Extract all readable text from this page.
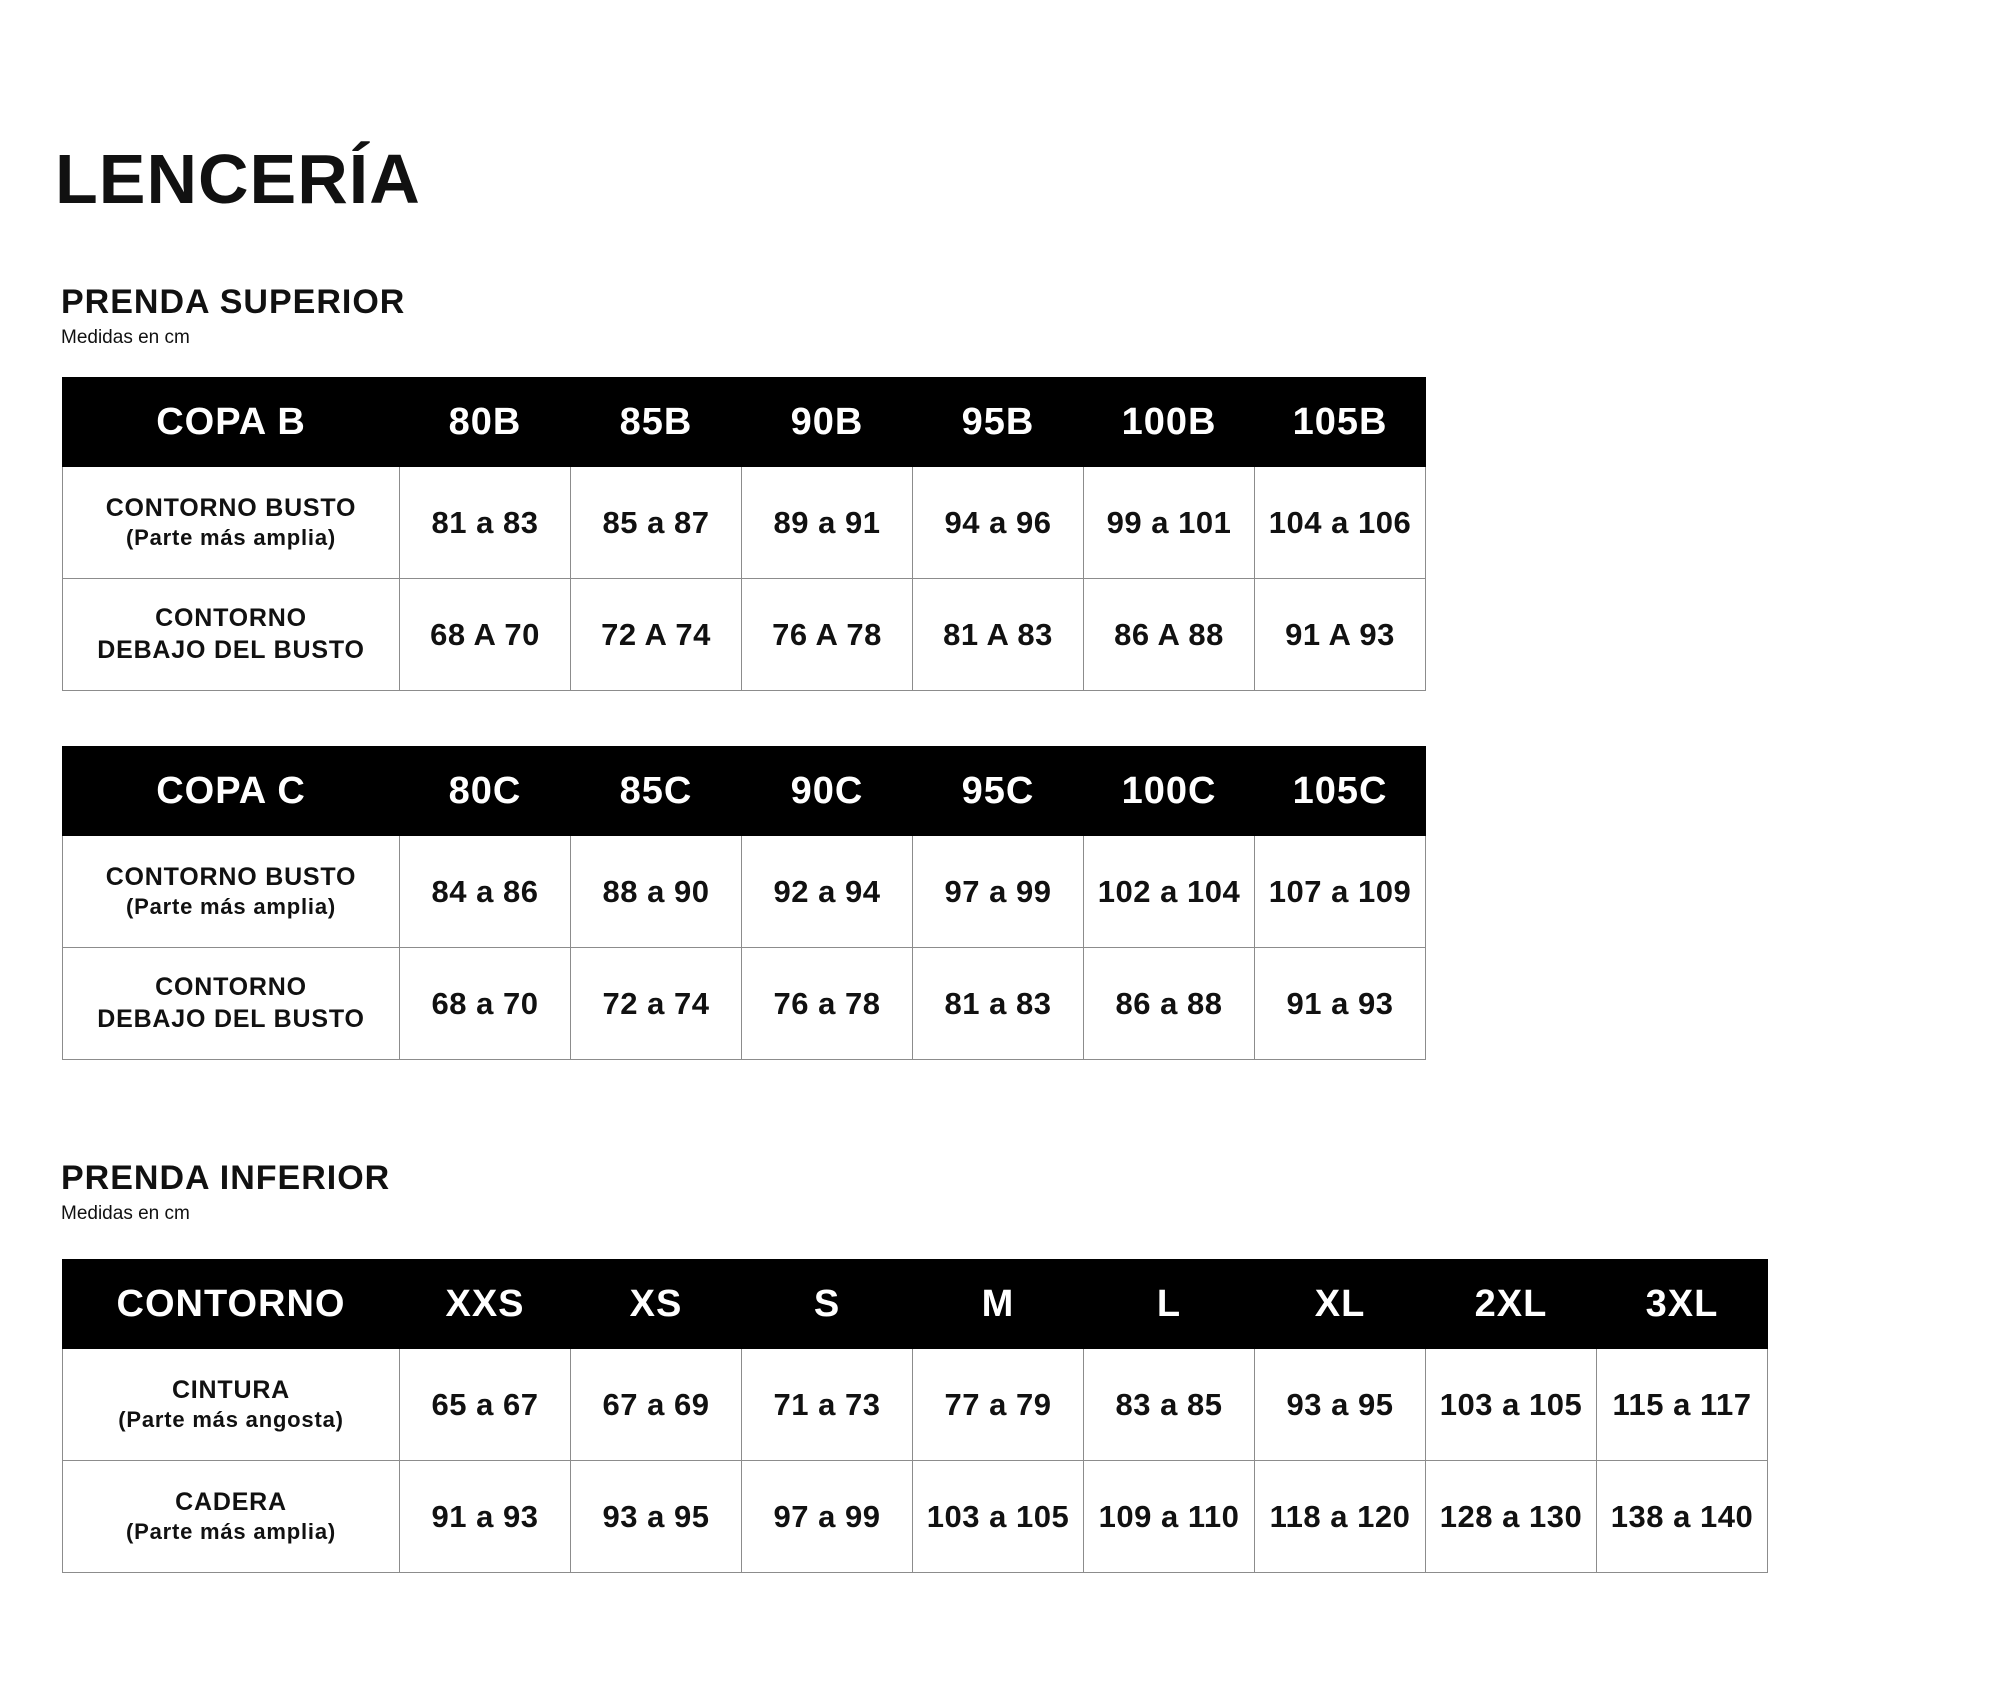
LENCERÍA
PRENDA SUPERIOR

Medidas en cm

COPA B	80B	85B	90B	95B	100B	105B

CONTORNO BUSTO
(Parte más amplia)	81 a 83	85 a 87	89 a 91	94 a 96	99 a 101	104 a 106

CONTORNO
DEBAJO DEL BUSTO	68 A 70	72 A 74	76 A 78	81 A 83	86 A 88	91 A 93
COPA C	80C	85C	90C	95C	100C	105C

CONTORNO BUSTO
(Parte más amplia)	84 a 86	88 a 90	92 a 94	97 a 99	102 a 104	107 a 109

CONTORNO
DEBAJO DEL BUSTO	68 a 70	72 a 74	76 a 78	81 a 83	86 a 88	91 a 93
PRENDA INFERIOR

Medidas en cm

CONTORNO	XXS	XS	S	M	L	XL	2XL	3XL

CINTURA
(Parte más angosta)	65 a 67	67 a 69	71 a 73	77 a 79	83 a 85	93 a 95	103 a 105	115 a 117

CADERA
(Parte más amplia)	91 a 93	93 a 95	97 a 99	103 a 105	109 a 110	118 a 120	128 a 130	138 a 140
